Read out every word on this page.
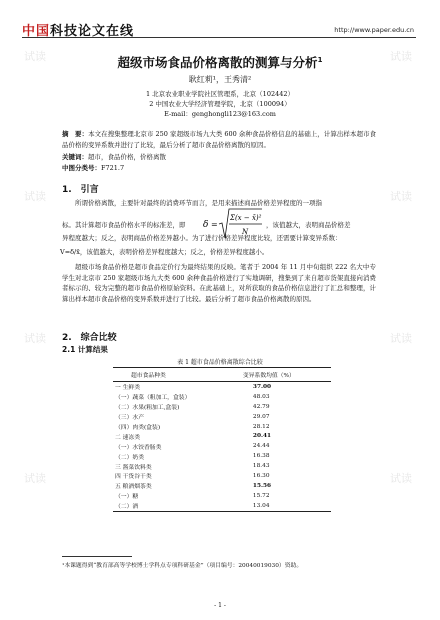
中国科技论文在线	http://www.paper.edu.cn
超级市场食品价格离散的测算与分析$^1$
耿红莉¹，王秀清²
1 北京农业职业学院社区管理系，北京（102442）
2 中国农业大学经济管理学院，北京（100094）
E-mail：genghongli123@163.com
摘　要：本文在搜集整理北京市 250 家超级市场九大类 600 余种食品价格信息的基础上，计算出样本超市食品价格的变异系数并进行了比较，最后分析了超市食品价格离散的原因。
关键词：超市，食品价格，价格离散
中图分类号：F721.7
1.　引言
所谓价格离散，主要针对最终的消费环节而言，是用来描述商品价格差异程度的一项指
δ =
Σ(x − x̄)²
N
标。其计算超市食品价格水平的标准差，即	，该值越大，表明商品价格差
异程度越大；反之，表明商品价格差异越小。为了进行价格差异程度比较，还需要计算变异系数：
V=δ/x̄，该值越大，表明价格差异程度越大；反之，价格差异程度越小。
超级市场食品价格是超市食品定价行为最终结果的反映。笔者于 2004 年 11 月中旬组织 222 名大中专学生对北京市 250 家超级市场九大类 600 余种食品价格进行了实地调研，搜集到了来自超市货架直接向消费者标示的、较为完整的超市食品价格原始资料。在此基础上，对所获取的食品价格信息进行了汇总和整理，计算出样本超市食品价格的变异系数并进行了比较。最后分析了超市食品价格离散的原因。
2.　综合比较
2.1 计算结果
表 1 超市食品价格离散综合比较
超市食品种类	变异系数均值（%）
一 生鲜类	37.00
（一）蔬菜（粗加工，盒装）	48.03
（二）水果(粗加工,盒装)	42.79
（三）水产	29.07
（四）肉类(盒装)	28.12
二 速冻类	20.41
（一）水饺香肠类	24.44
（二）奶类	16.38
三 酱菜饮料类	18.43
四 干货谷干类	16.30
五 粮酒烟茶类	15.56
（一）糖	15.72
（二）酒	13.04
¹本课题得到“教育部高等学校博士学科点专项科研基金”（项目编号：20040019030）资助。
- 1 -
试读	试读
试读	试读
试读	试读
试读	试读
